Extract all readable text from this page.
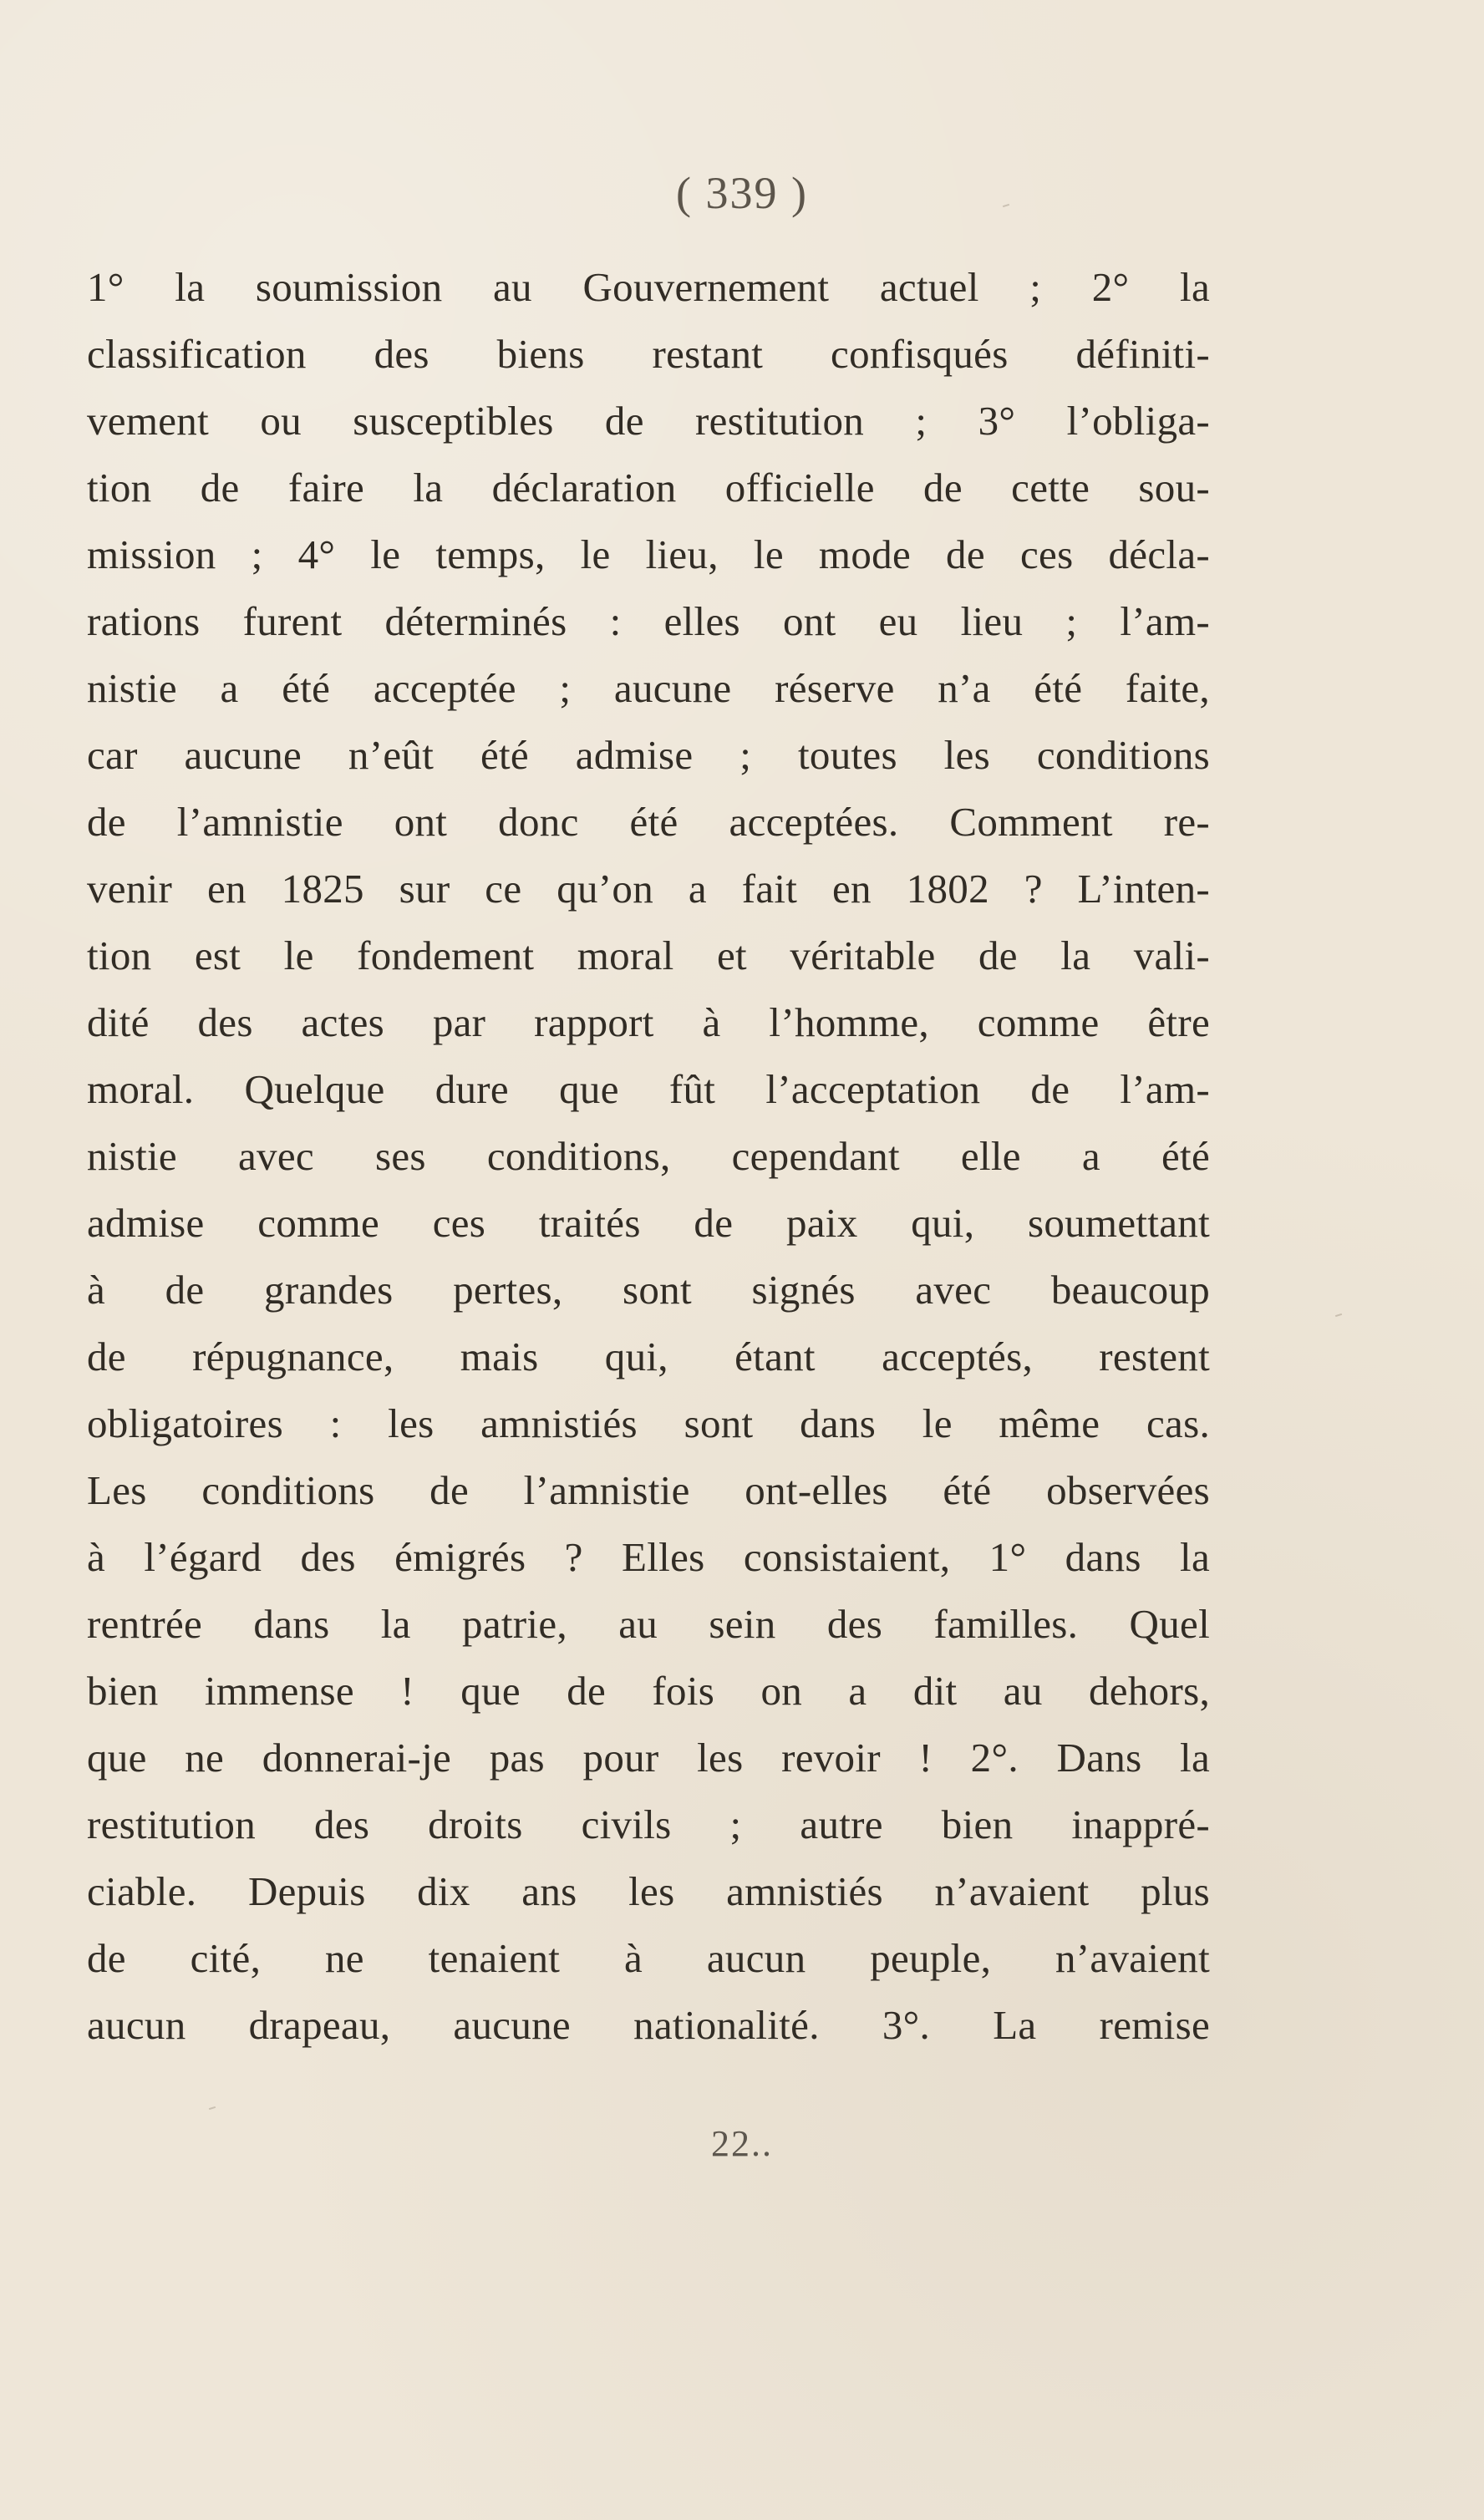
( 339 )
1° la soumission au Gouvernement actuel ; 2° la
classification des biens restant confisqués définiti-
vement ou susceptibles de restitution ; 3° l’obliga-
tion de faire la déclaration officielle de cette sou-
mission ; 4° le temps, le lieu, le mode de ces décla-
rations furent déterminés : elles ont eu lieu ; l’am-
nistie a été acceptée ; aucune réserve n’a été faite,
car aucune n’eût été admise ; toutes les conditions
de l’amnistie ont donc été acceptées. Comment re-
venir en 1825 sur ce qu’on a fait en 1802 ? L’inten-
tion est le fondement moral et véritable de la vali-
dité des actes par rapport à l’homme, comme être
moral. Quelque dure que fût l’acceptation de l’am-
nistie avec ses conditions, cependant elle a été
admise comme ces traités de paix qui, soumettant
à de grandes pertes, sont signés avec beaucoup
de répugnance, mais qui, étant acceptés, restent
obligatoires : les amnistiés sont dans le même cas.
Les conditions de l’amnistie ont-elles été observées
à l’égard des émigrés ? Elles consistaient, 1° dans la
rentrée dans la patrie, au sein des familles. Quel
bien immense ! que de fois on a dit au dehors,
que ne donnerai-je pas pour les revoir ! 2°. Dans la
restitution des droits civils ; autre bien inappré-
ciable. Depuis dix ans les amnistiés n’avaient plus
de cité, ne tenaient à aucun peuple, n’avaient
aucun drapeau, aucune nationalité. 3°. La remise
22..
